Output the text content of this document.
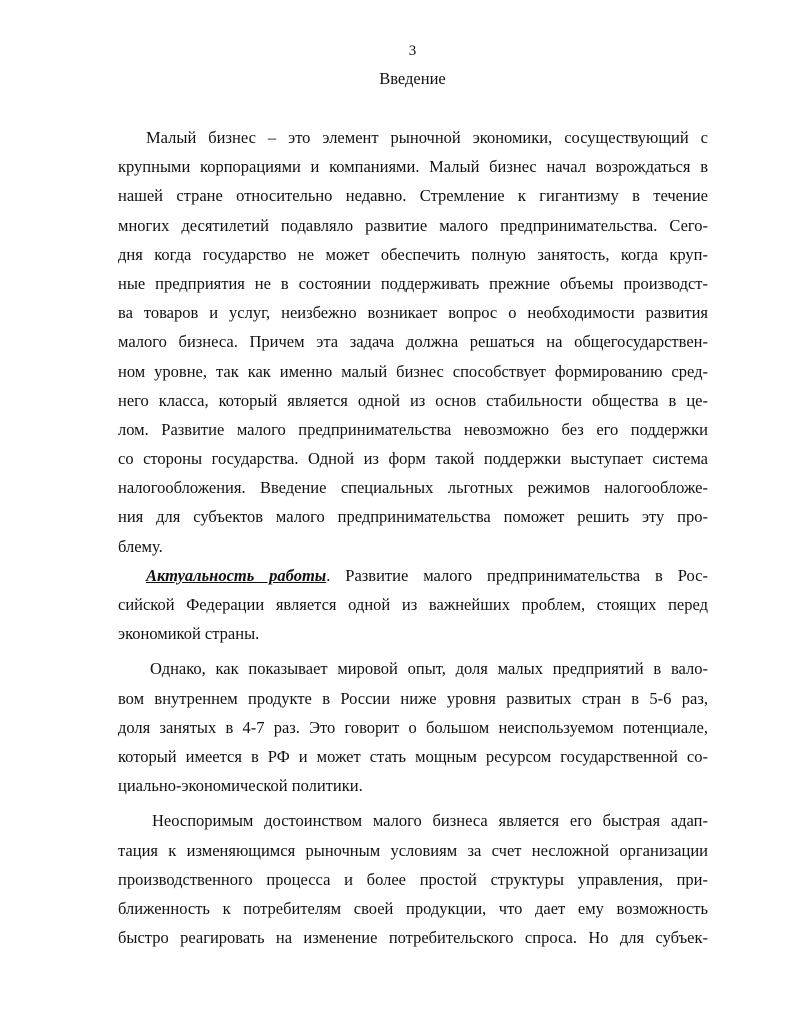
3
Введение
Малый бизнес – это элемент рыночной экономики, сосуществующий с
крупными корпорациями и компаниями. Малый бизнес начал возрождаться в
нашей стране относительно недавно. Стремление к гигантизму в течение
многих десятилетий подавляло развитие малого предпринимательства. Сего-
дня когда государство не может обеспечить полную занятость, когда круп-
ные предприятия не в состоянии поддерживать прежние объемы производст-
ва товаров и услуг, неизбежно возникает вопрос о необходимости развития
малого бизнеса. Причем эта задача должна решаться на общегосударствен-
ном уровне, так как именно малый бизнес способствует формированию сред-
него класса, который является одной из основ стабильности общества в це-
лом. Развитие малого предпринимательства невозможно без его поддержки
со стороны государства. Одной из форм такой поддержки выступает система
налогообложения. Введение специальных льготных режимов налогообложе-
ния для субъектов малого предпринимательства поможет решить эту про-
блему.
Актуальность работы. Развитие малого предпринимательства в Рос-
сийской Федерации является одной из важнейших проблем, стоящих перед
экономикой страны.
Однако, как показывает мировой опыт, доля малых предприятий в вало-
вом внутреннем продукте в России ниже уровня развитых стран в 5-6 раз,
доля занятых в 4-7 раз. Это говорит о большом неиспользуемом потенциале,
который имеется в РФ и может стать мощным ресурсом государственной со-
циально-экономической политики.
Неоспоримым достоинством малого бизнеса является его быстрая адап-
тация к изменяющимся рыночным условиям за счет несложной организации
производственного процесса и более простой структуры управления, при-
ближенность к потребителям своей продукции, что дает ему возможность
быстро реагировать на изменение потребительского спроса. Но для субъек-
